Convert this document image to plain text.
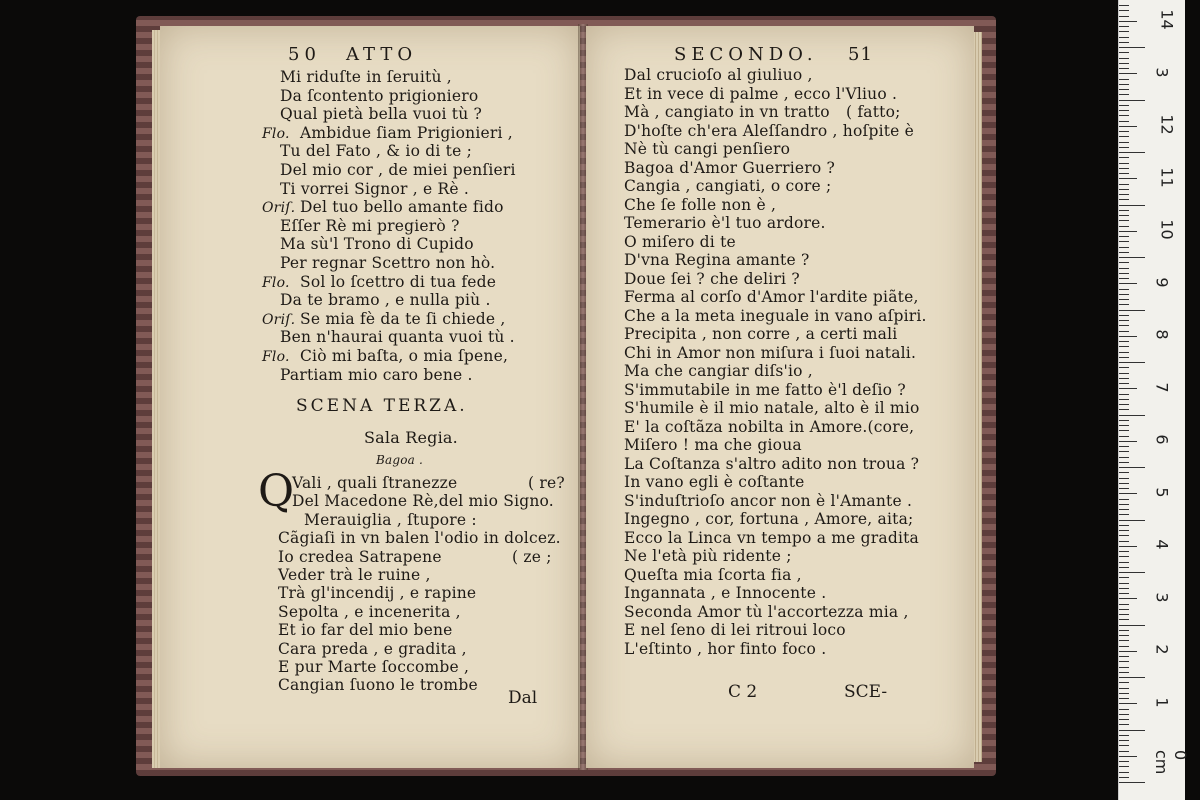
50 ATTO
Mi riduſte in ſeruitù ,
Da ſcontento prigioniero
Qual pietà bella vuoi tù ?
Flo. Ambidue ſiam Prigionieri ,
Tu del Fato , & io di te ;
Del mio cor , de miei penſieri
Ti vorrei Signor , e Rè .
Oriſ. Del tuo bello amante fido
Eſſer Rè mi pregierò ?
Ma sù'l Trono di Cupido
Per regnar Scettro non hò.
Flo. Sol lo ſcettro di tua fede
Da te bramo , e nulla più .
Oriſ. Se mia fè da te ſi chiede ,
Ben n'haurai quanta vuoi tù .
Flo. Ciò mi baſta, o mia ſpene,
Partiam mio caro bene .
SCENA TERZA.
Sala Regia.
Bagoa .
Q
Vali , quali ſtranezze	( re?
Del Macedone Rè,del mio Signo.
Merauiglia , ſtupore :
Cãgiaſi in vn balen l'odio in dolcez.
Io credea Satrapene	( ze ;
Veder trà le ruine ,
Trà gl'incendij , e rapine
Sepolta , e incenerita ,
Et io far del mio bene
Cara preda , e gradita ,
E pur Marte ſoccombe ,
Cangian ſuono le trombe
Dal
SECONDO. 51
Dal crucioſo al giuliuo ,
Et in vece di palme , ecco l'Vliuo .
Mà , cangiato in vn tratto ( fatto;
D'hoſte ch'era Aleſſandro , hoſpite è
Nè tù cangi penſiero
Bagoa d'Amor Guerriero ?
Cangia , cangiati, o core ;
Che ſe folle non è ,
Temerario è'l tuo ardore.
O miſero di te
D'vna Regina amante ?
Doue ſei ? che deliri ?
Ferma al corſo d'Amor l'ardite piãte,
Che a la meta ineguale in vano aſpiri.
Precipita , non corre , a certi mali
Chi in Amor non miſura i ſuoi natali.
Ma che cangiar diſs'io ,
S'immutabile in me fatto è'l deſio ?
S'humile è il mio natale, alto è il mio
E' la coſtãza nobilta in Amore.(core,
Miſero ! ma che gioua
La Coſtanza s'altro adito non troua ?
In vano egli è coſtante
S'induſtrioſo ancor non è l'Amante .
Ingegno , cor, fortuna , Amore, aita;
Ecco la Linca vn tempo a me gradita
Ne l'età più ridente ;
Queſta mia ſcorta fia ,
Ingannata , e Innocente .
Seconda Amor tù l'accortezza mia ,
E nel ſeno di lei ritroui loco
L'eſtinto , hor finto foco .
C 2	SCE-
14
3
12
11
10
9
8
7
6
5
4
3
2
1
0 cm
